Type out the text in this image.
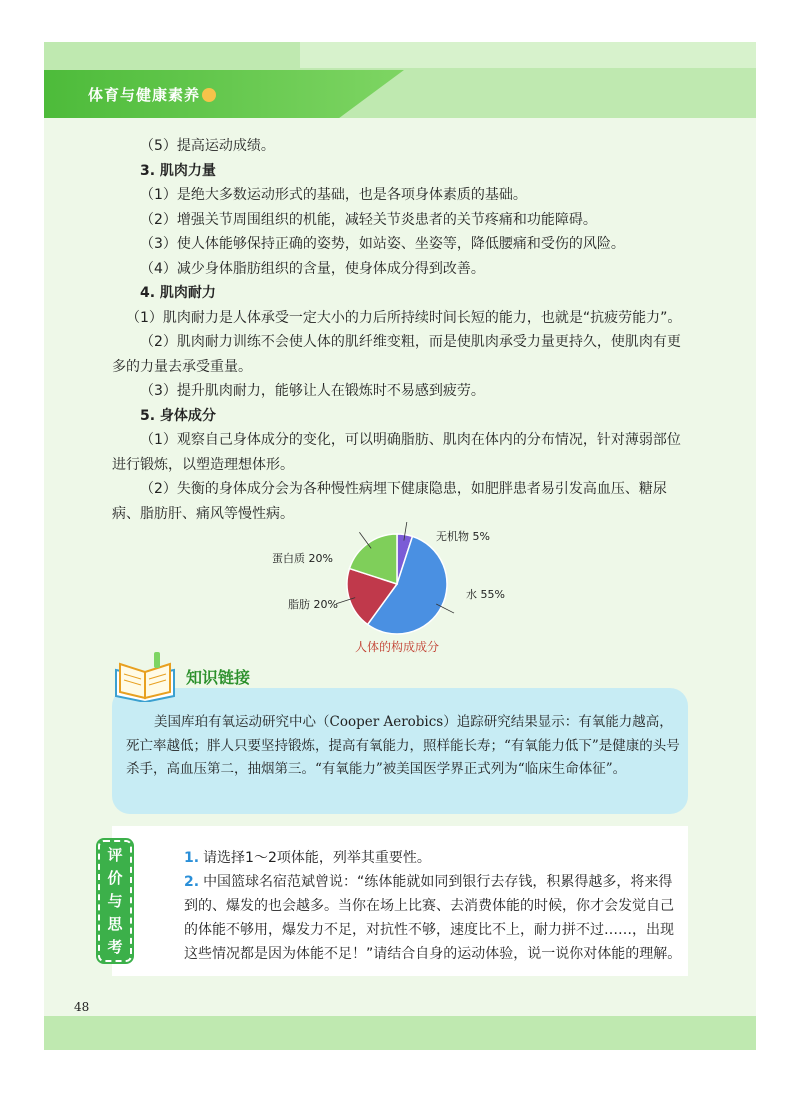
体育与健康素养

（5）提高运动成绩。

3. 肌肉力量

（1）是绝大多数运动形式的基础，也是各项身体素质的基础。

（2）增强关节周围组织的机能，减轻关节炎患者的关节疼痛和功能障碍。

（3）使人体能够保持正确的姿势，如站姿、坐姿等，降低腰痛和受伤的风险。

（4）减少身体脂肪组织的含量，使身体成分得到改善。

4. 肌肉耐力

（1）肌肉耐力是人体承受一定大小的力后所持续时间长短的能力，也就是“抗疲劳能力”。

（2）肌肉耐力训练不会使人体的肌纤维变粗，而是使肌肉承受力量更持久，使肌肉有更多的力量去承受重量。

（3）提升肌肉耐力，能够让人在锻炼时不易感到疲劳。

5. 身体成分

（1）观察自己身体成分的变化，可以明确脂肪、肌肉在体内的分布情况，针对薄弱部位进行锻炼，以塑造理想体形。

（2）失衡的身体成分会为各种慢性病埋下健康隐患，如肥胖患者易引发高血压、糖尿病、脂肪肝、痛风等慢性病。

无机物 5%
水 55%
脂肪 20%
蛋白质 20%
人体的构成成分
知识链接

美国库珀有氧运动研究中心（Cooper Aerobics）追踪研究结果显示：有氧能力越高，死亡率越低；胖人只要坚持锻炼，提高有氧能力，照样能长寿；“有氧能力低下”是健康的头号杀手，高血压第二，抽烟第三。“有氧能力”被美国医学界正式列为“临床生命体征”。

评价与思考

1. 请选择1～2项体能，列举其重要性。

2. 中国篮球名宿范斌曾说：“练体能就如同到银行去存钱，积累得越多，将来得到的、爆发的也会越多。当你在场上比赛、去消费体能的时候，你才会发觉自己的体能不够用，爆发力不足，对抗性不够，速度比不上，耐力拼不过……，出现这些情况都是因为体能不足！”请结合自身的运动体验，说一说你对体能的理解。

48
